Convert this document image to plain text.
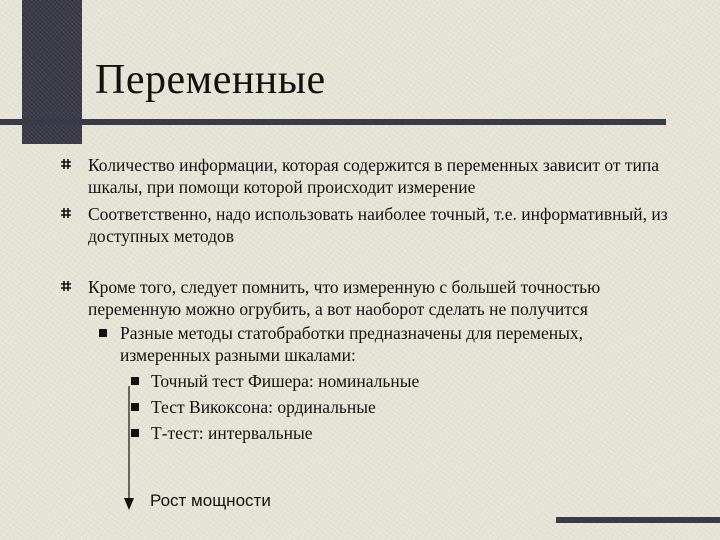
Переменные
Количество информации, которая содержится в переменных зависит от типа шкалы, при помощи которой происходит измерение
Соответственно, надо использовать наиболее точный, т.е. информативный, из доступных методов
Кроме того, следует помнить, что измеренную с большей точностью переменную можно огрубить, а вот наоборот сделать не получится
Разные методы статобработки предназначены для переменых, измеренных разными шкалами:
Точный тест Фишера: номинальные
Тест Викоксона: ординальные
Т-тест: интервальные
Рост мощности
